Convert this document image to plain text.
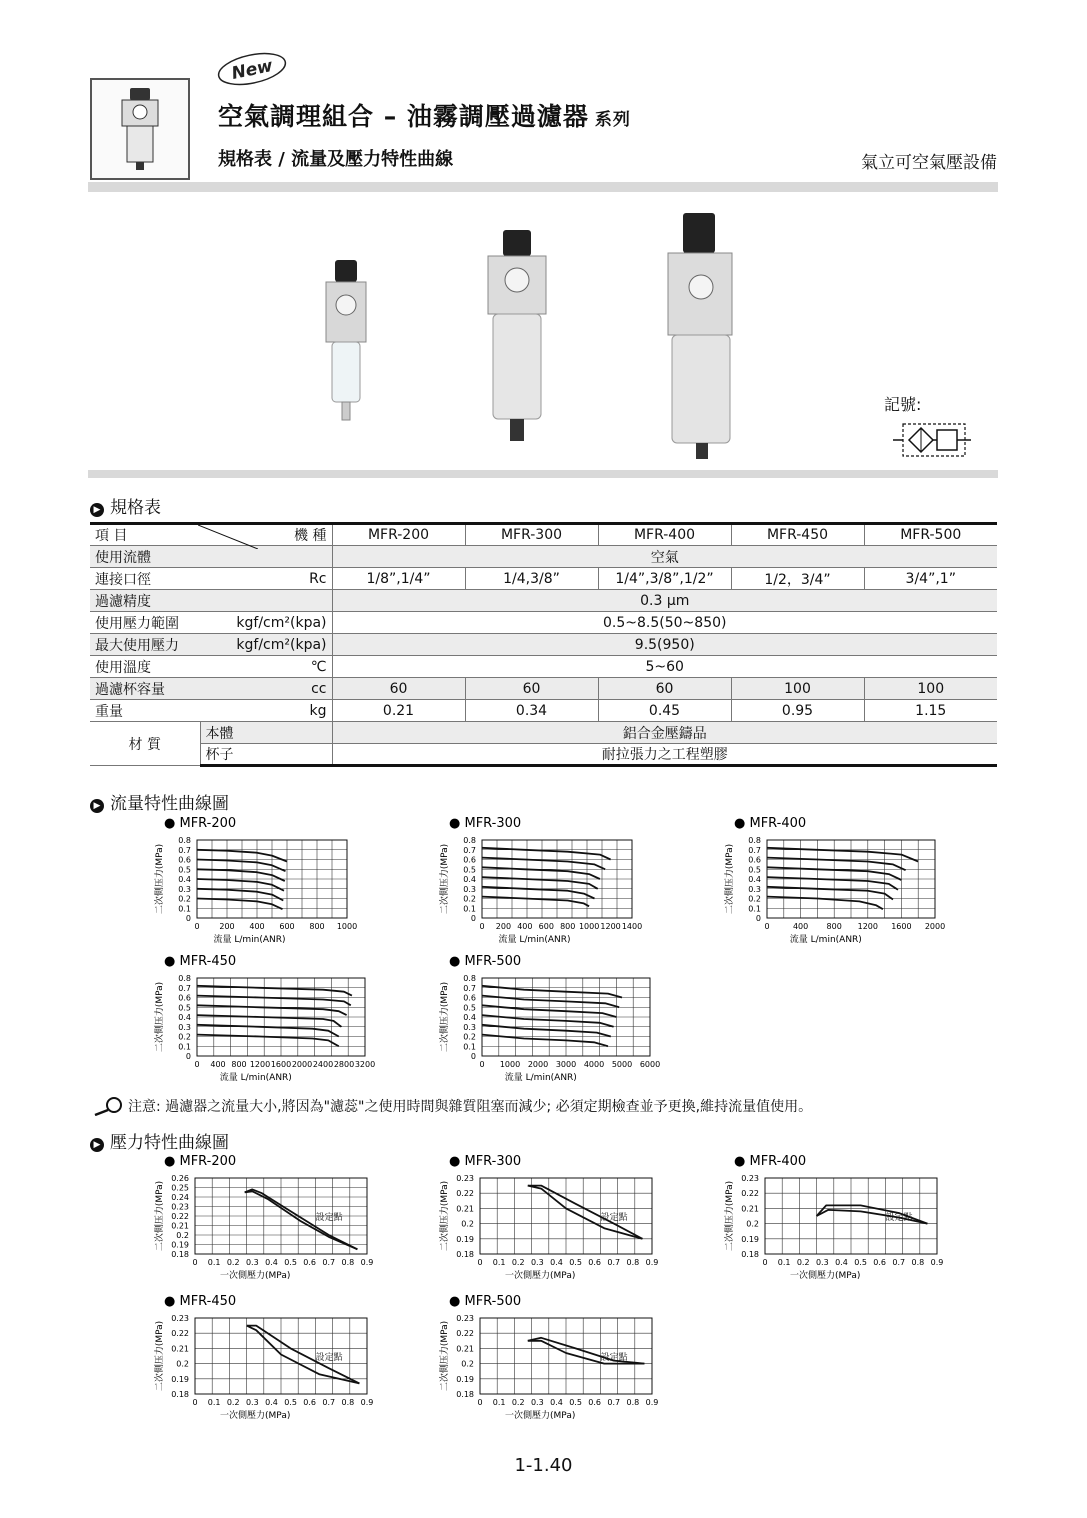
New
空氣調理組合 – 油霧調壓過濾器 系列
規格表 / 流量及壓力特性曲線	氣立可空氣壓設備
記號:
▶ 規格表
項 目	機 種	MFR-200	MFR-300	MFR-400	MFR-450	MFR-500
使用流體		空氣				
連接口徑	Rc	1/8”,1/4”	1/4,3/8”	1/4”,3/8”,1/2”	1/2，3/4”	3/4”,1”
過濾精度		0.3 μm				
使用壓力範圍	kgf/cm²(kpa)	0.5~8.5(50~850)				
最大使用壓力	kgf/cm²(kpa)	9.5(950)				
使用溫度	℃	5~60				
過濾杯容量	cc	60	60	60	100	100
重量	kg	0.21	0.34	0.45	0.95	1.15
材 質	本體	鋁合金壓鑄品				
	杯子	耐拉張力之工程塑膠				
▶ 流量特性曲線圖
● MFR-200
0.8
0.7
0.6
0.5
0.4
0.3
0.2
0.1
0
0 200 400 600 800 1000
流量 L/min(ANR)
二次側压力(MPa)
● MFR-300
0.8
0.7
0.6
0.5
0.4
0.3
0.2
0.1
0
0 200 400 600 800 1000 1200 1400
流量 L/min(ANR)
二次側压力(MPa)
● MFR-400
0.8
0.7
0.6
0.5
0.4
0.3
0.2
0.1
0
0	400 800 1200 1600 2000
流量 L/min(ANR)
二次側压力(MPa)
● MFR-450
0.8
0.7
0.6
0.5
0.4
0.3
0.2
0.1
0
0 400 800 1200 1600 2000 2400 2800 3200
流量 L/min(ANR)
二次側压力(MPa)
● MFR-500
0.8
0.7
0.6
0.5
0.4
0.3
0.2
0.1
0
0 1000 2000 3000 4000 5000 6000
流量 L/min(ANR)
二次側压力(MPa)
注意: 過濾器之流量大小,將因為"濾蕊"之使用時間與雜質阻塞而減少; 必須定期檢查並予更換,維持流量值使用。
▶ 壓力特性曲線圖
● MFR-200
0.26
0.25
0.24
0.23
0.22
0.21
0.2
0.19
0.18
0 0.1 0.2 0.3 0.4 0.5 0.6 0.7 0.8 0.9
一次側壓力(MPa)
二次側压力(MPa)	設定點
● MFR-300
0.23
0.22
0.21
0.2
0.19
0.18
0 0.1 0.2 0.3 0.4 0.5 0.6 0.7 0.8 0.9
一次側壓力(MPa)
二次側压力(MPa)	設定點
● MFR-400
0.23
0.22
0.21
0.2
0.19
0.18
0 0.1 0.2 0.3 0.4 0.5 0.6 0.7 0.8 0.9
一次側壓力(MPa)
二次側压力(MPa)	設定點
● MFR-450
0.23
0.22
0.21
0.2
0.19
0.18
0 0.1 0.2 0.3 0.4 0.5 0.6 0.7 0.8 0.9
一次側壓力(MPa)
二次側压力(MPa)	設定點
● MFR-500
0.23
0.22
0.21
0.2
0.19
0.18
0 0.1 0.2 0.3 0.4 0.5 0.6 0.7 0.8 0.9
一次側壓力(MPa)
二次側压力(MPa)	設定點
1-1.40
